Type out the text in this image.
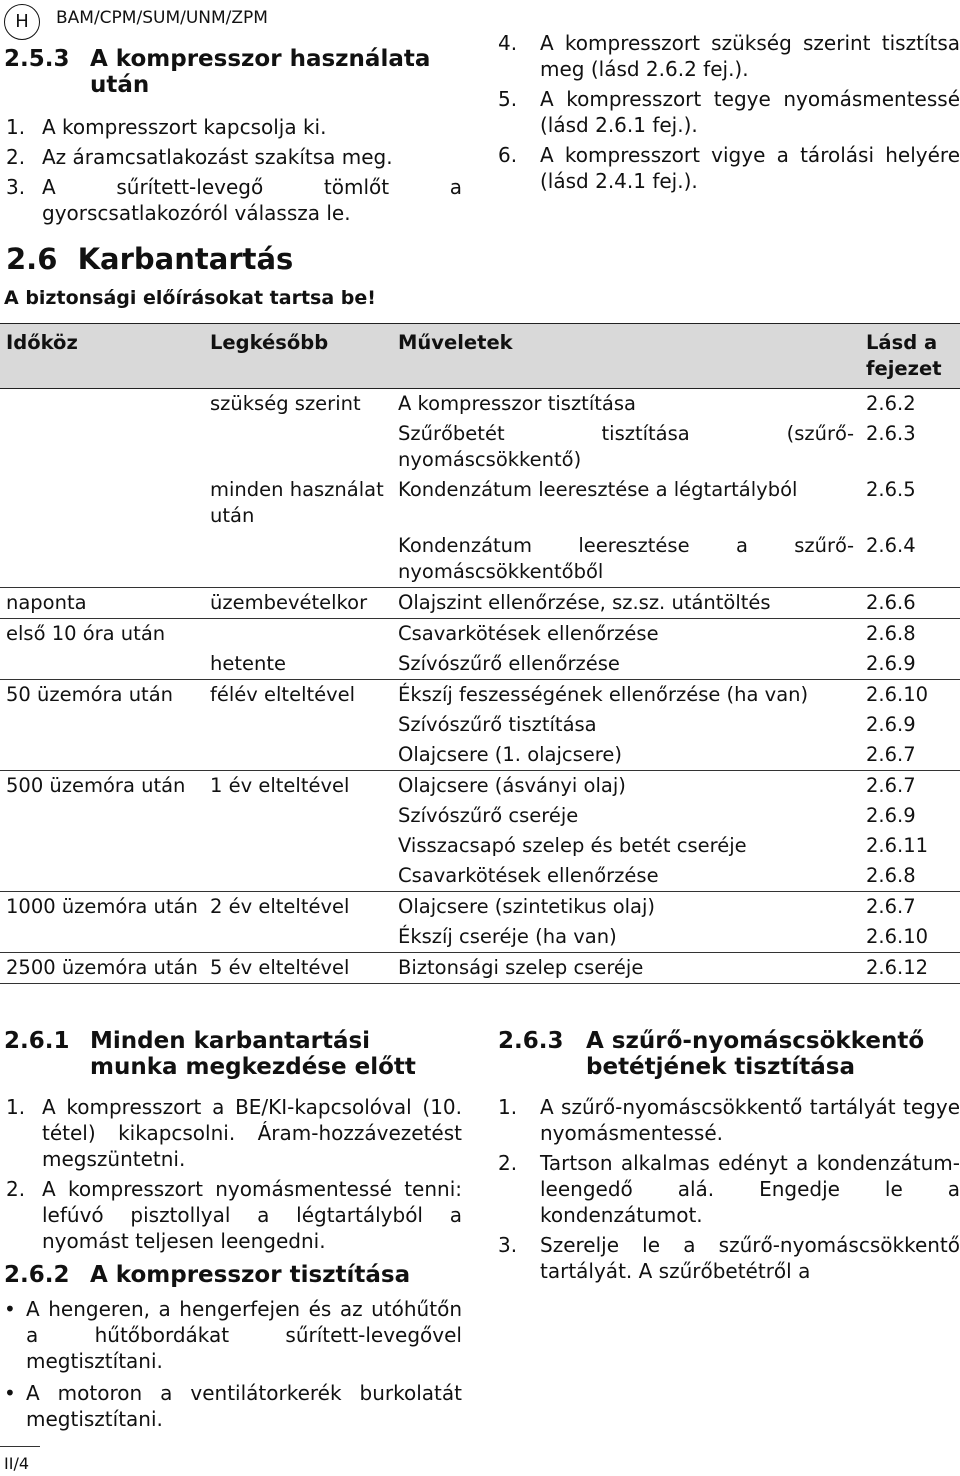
H	BAM/CPM/SUM/UNM/ZPM
2.5.3 A kompresszor használata
után
1. A kompresszort kapcsolja ki.
2. Az áramcsatlakozást szakítsa meg.
3. A sűrített-levegő tömlőt a gyorscsatlakozóról válassza le.
4.	A kompresszort szükség szerint tisztítsa meg (lásd 2.6.2 fej.).
5.	A kompresszort tegye nyomásmentessé (lásd 2.6.1 fej.).
6.	A kompresszort vigye a tárolási helyére (lásd 2.4.1 fej.).
2.6  Karbantartás
A biztonsági előírásokat tartsa be!
Időköz	Legkésőbb	Műveletek	Lásd a fejezet
	szükség szerint	A kompresszor tisztítása	2.6.2
		Szűrőbetét tisztítása (szűrő-nyomáscsökkentő)	2.6.3
	minden használat után	Kondenzátum leeresztése a légtartályból	2.6.5
		Kondenzátum leeresztése a szűrő-nyomáscsökkentőből	2.6.4
naponta	üzembevételkor	Olajszint ellenőrzése, sz.sz. utántöltés	2.6.6
első 10 óra után		Csavarkötések ellenőrzése	2.6.8
	hetente	Szívószűrő ellenőrzése	2.6.9
50 üzemóra után	félév elteltével	Ékszíj feszességének ellenőrzése (ha van)	2.6.10
		Szívószűrő tisztítása	2.6.9
		Olajcsere (1. olajcsere)	2.6.7
500 üzemóra után	1 év elteltével	Olajcsere (ásványi olaj)	2.6.7
		Szívószűrő cseréje	2.6.9
		Visszacsapó szelep és betét cseréje	2.6.11
		Csavarkötések ellenőrzése	2.6.8
1000 üzemóra után	2 év elteltével	Olajcsere (szintetikus olaj)	2.6.7
		Ékszíj cseréje (ha van)	2.6.10
2500 üzemóra után	5 év elteltével	Biztonsági szelep cseréje	2.6.12
2.6.1 Minden karbantartási
munka megkezdése előtt
1. A kompresszort a BE/KI-kapcsolóval (10. tétel) kikapcsolni. Áram-hozzávezetést megszüntetni.
2. A kompresszort nyomásmentessé tenni: lefúvó pisztollyal a légtartályból a nyomást teljesen leengedni.
2.6.2 A kompresszor tisztítása
• A hengeren, a hengerfejen és az utóhűtőn a hűtőbordákat sűrített-levegővel megtisztítani.
• A motoron a ventilátorkerék burkolatát megtisztítani.
2.6.3 A szűrő-nyomáscsökkentő
betétjének tisztítása
1.	A szűrő-nyomáscsökkentő tartályát tegye nyomásmentessé.
2.	Tartson alkalmas edényt a kondenzátum-leengedő alá. Engedje le a kondenzátumot.
3.	Szerelje le a szűrő-nyomáscsökkentő tartályát. A szűrőbetétről a
II/4
